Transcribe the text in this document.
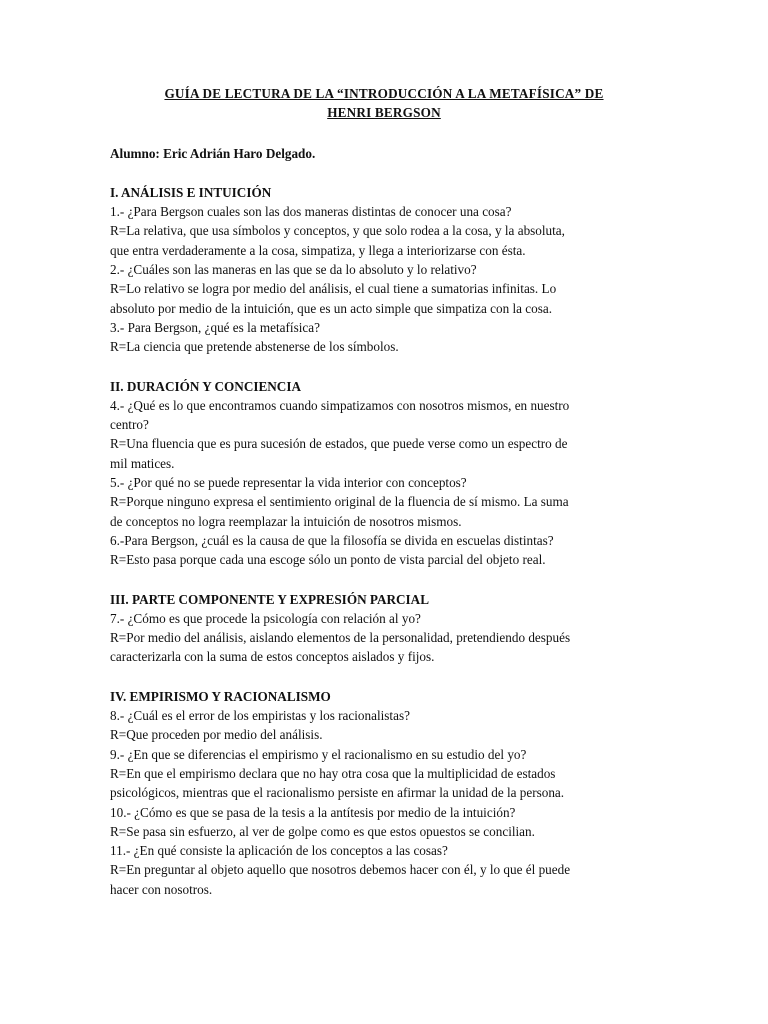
GUÍA DE LECTURA DE LA “INTRODUCCIÓN A LA METAFÍSICA” DE
HENRI BERGSON

Alumno: Eric Adrián Haro Delgado.

I. ANÁLISIS E INTUICIÓN

1.- ¿Para Bergson cuales son las dos maneras distintas de conocer una cosa?
R=La relativa, que usa símbolos y conceptos, y que solo rodea a la cosa, y la absoluta,
que entra verdaderamente a la cosa, simpatiza, y llega a interiorizarse con ésta.
2.- ¿Cuáles son las maneras en las que se da lo absoluto y lo relativo?
R=Lo relativo se logra por medio del análisis, el cual tiene a sumatorias infinitas. Lo
absoluto por medio de la intuición, que es un acto simple que simpatiza con la cosa.
3.- Para Bergson, ¿qué es la metafísica?
R=La ciencia que pretende abstenerse de los símbolos.

II. DURACIÓN Y CONCIENCIA

4.- ¿Qué es lo que encontramos cuando simpatizamos con nosotros mismos, en nuestro
centro?
R=Una fluencia que es pura sucesión de estados, que puede verse como un espectro de
mil matices.
5.- ¿Por qué no se puede representar la vida interior con conceptos?
R=Porque ninguno expresa el sentimiento original de la fluencia de sí mismo. La suma
de conceptos no logra reemplazar la intuición de nosotros mismos.
6.-Para Bergson, ¿cuál es la causa de que la filosofía se divida en escuelas distintas?
R=Esto pasa porque cada una escoge sólo un ponto de vista parcial del objeto real.

III. PARTE COMPONENTE Y EXPRESIÓN PARCIAL

7.- ¿Cómo es que procede la psicología con relación al yo?
R=Por medio del análisis, aislando elementos de la personalidad, pretendiendo después
caracterizarla con la suma de estos conceptos aislados y fijos.

IV. EMPIRISMO Y RACIONALISMO

8.- ¿Cuál es el error de los empiristas y los racionalistas?
R=Que proceden por medio del análisis.
9.- ¿En que se diferencias el empirismo y el racionalismo en su estudio del yo?
R=En que el empirismo declara que no hay otra cosa que la multiplicidad de estados
psicológicos, mientras que el racionalismo persiste en afirmar la unidad de la persona.
10.- ¿Cómo es que se pasa de la tesis a la antítesis por medio de la intuición?
R=Se pasa sin esfuerzo, al ver de golpe como es que estos opuestos se concilian.
11.- ¿En qué consiste la aplicación de los conceptos a las cosas?
R=En preguntar al objeto aquello que nosotros debemos hacer con él, y lo que él puede
hacer con nosotros.
